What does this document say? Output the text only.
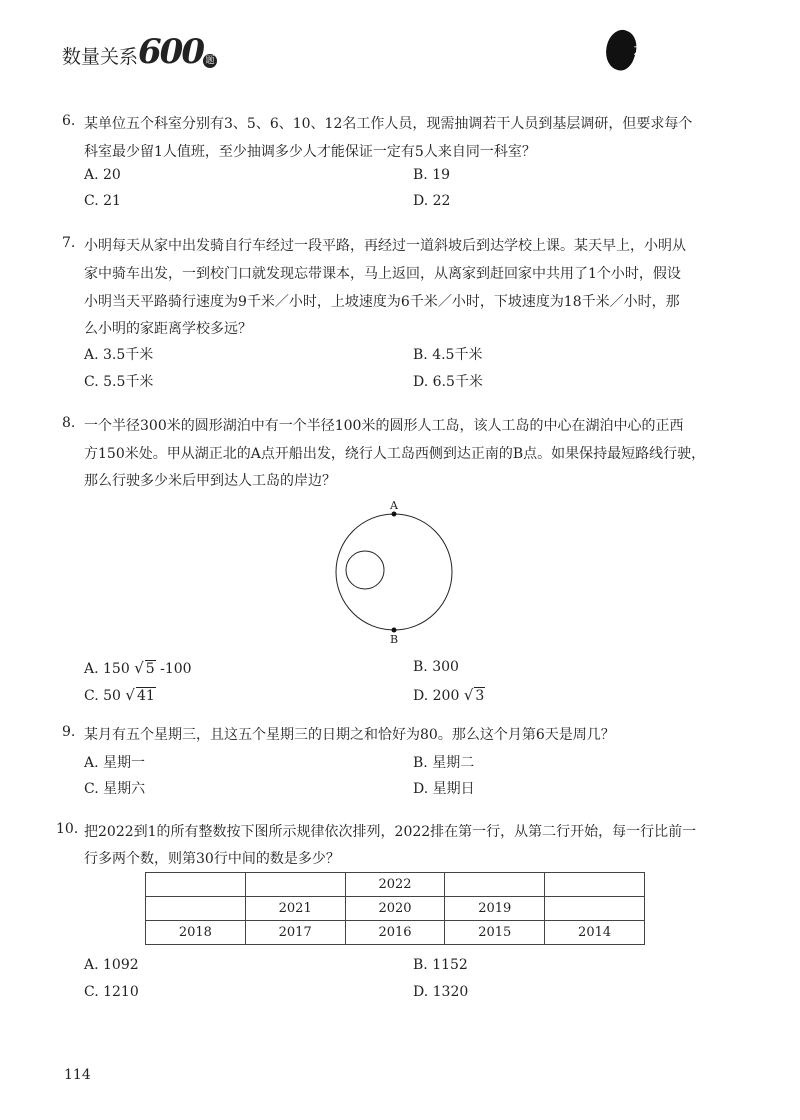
数量关系600 题	花生十三
6. 某单位五个科室分别有3、5、6、10、12名工作人员，现需抽调若干人员到基层调研，但要求每个
科室最少留1人值班，至少抽调多少人才能保证一定有5人来自同一科室？
A. 20	B. 19
C. 21	D. 22
7. 小明每天从家中出发骑自行车经过一段平路，再经过一道斜坡后到达学校上课。某天早上，小明从
家中骑车出发，一到校门口就发现忘带课本，马上返回，从离家到赶回家中共用了1个小时，假设
小明当天平路骑行速度为9千米／小时，上坡速度为6千米／小时，下坡速度为18千米／小时，那
么小明的家距离学校多远？
A. 3.5千米	B. 4.5千米
C. 5.5千米	D. 6.5千米
8. 一个半径300米的圆形湖泊中有一个半径100米的圆形人工岛，该人工岛的中心在湖泊中心的正西
方150米处。甲从湖正北的A点开船出发，绕行人工岛西侧到达正南的B点。如果保持最短路线行驶，
那么行驶多少米后甲到达人工岛的岸边？
A
B
A. 150 √ 5 -100	B. 300
C. 50 √ 41	D. 200 √ 3
9. 某月有五个星期三，且这五个星期三的日期之和恰好为80。那么这个月第6天是周几？
A. 星期一	B. 星期二
C. 星期六	D. 星期日
10. 把2022到1的所有整数按下图所示规律依次排列，2022排在第一行，从第二行开始，每一行比前一
行多两个数，则第30行中间的数是多少？
		2022		
	2021	2020	2019	
2018	2017	2016	2015	2014
A. 1092	B. 1152
C. 1210	D. 1320
114
